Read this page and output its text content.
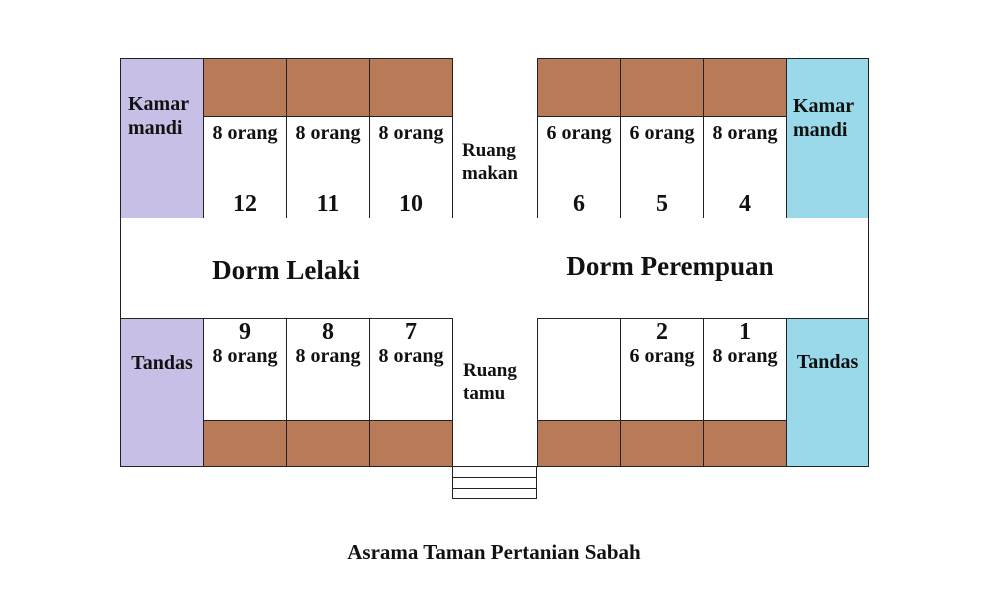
Kamar mandi	8 orang
12
8 orang
11
8 orang
10
Ruang makan
6 orang
6
6 orang
5
8 orang
4
Kamar mandi
Dorm Lelaki	Dorm Perempuan
Tandas
9
8 orang
8
8 orang
7
8 orang
Ruang tamu
2
6 orang
1
8 orang Tandas
Asrama Taman Pertanian Sabah
